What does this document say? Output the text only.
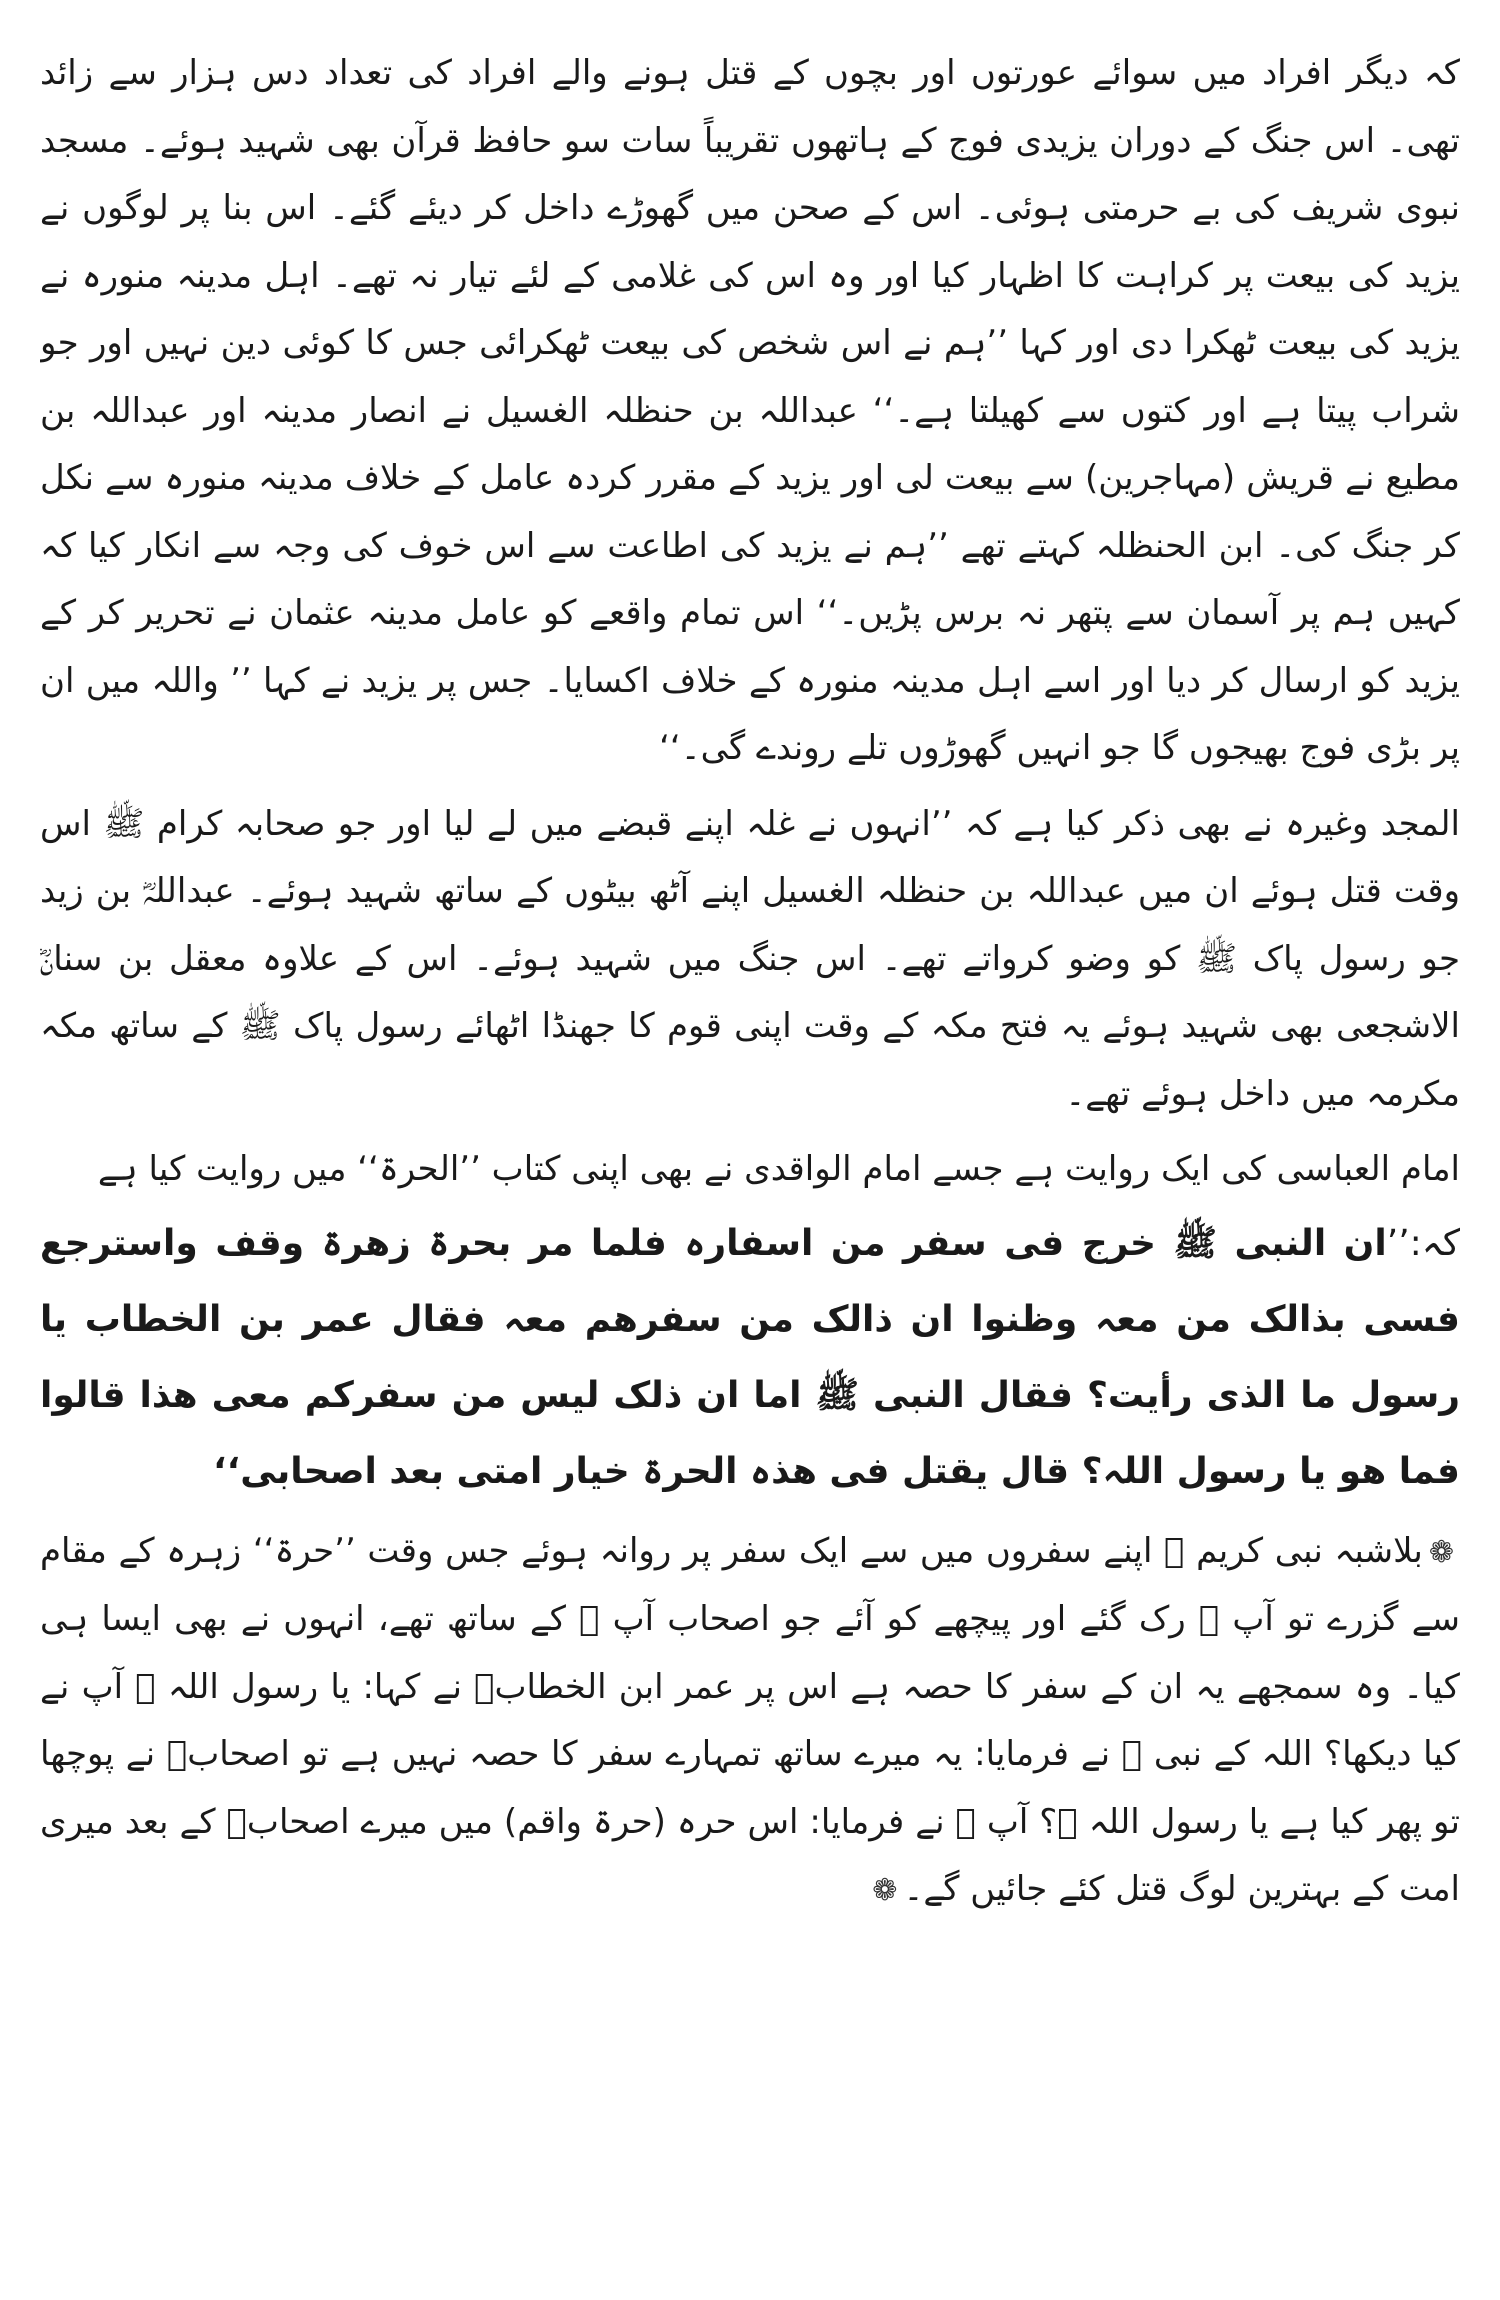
کہ دیگر افراد میں سوائے عورتوں اور بچوں کے قتل ہونے والے افراد کی تعداد دس ہزار سے زائد تھی۔ اس جنگ کے دوران یزیدی فوج کے ہاتھوں تقریباً سات سو حافظ قرآن بھی شہید ہوئے۔ مسجد نبوی شریف کی بے حرمتی ہوئی۔ اس کے صحن میں گھوڑے داخل کر دیئے گئے۔ اس بنا پر لوگوں نے یزید کی بیعت پر کراہت کا اظہار کیا اور وہ اس کی غلامی کے لئے تیار نہ تھے۔ اہل مدینہ منورہ نے یزید کی بیعت ٹھکرا دی اور کہا ’’ہم نے اس شخص کی بیعت ٹھکرائی جس کا کوئی دین نہیں اور جو شراب پیتا ہے اور کتوں سے کھیلتا ہے۔‘‘ عبداللہ بن حنظلہ الغسیل نے انصار مدینہ اور عبداللہ بن مطیع نے قریش (مہاجرین) سے بیعت لی اور یزید کے مقرر کردہ عامل کے خلاف مدینہ منورہ سے نکل کر جنگ کی۔ ابن الحنظلہ کہتے تھے ’’ہم نے یزید کی اطاعت سے اس خوف کی وجہ سے انکار کیا کہ کہیں ہم پر آسمان سے پتھر نہ برس پڑیں۔‘‘ اس تمام واقعے کو عامل مدینہ عثمان نے تحریر کر کے یزید کو ارسال کر دیا اور اسے اہل مدینہ منورہ کے خلاف اکسایا۔ جس پر یزید نے کہا ’’ واللہ میں ان پر بڑی فوج بھیجوں گا جو انہیں گھوڑوں تلے روندے گی۔‘‘

المجد وغیرہ نے بھی ذکر کیا ہے کہ ’’انہوں نے غلہ اپنے قبضے میں لے لیا اور جو صحابہ کرام ﷺ اس وقت قتل ہوئے ان میں عبداللہ بن حنظلہ الغسیل اپنے آٹھ بیٹوں کے ساتھ شہید ہوئے۔ عبداللہؓ بن زید جو رسول پاک ﷺ کو وضو کرواتے تھے۔ اس جنگ میں شہید ہوئے۔ اس کے علاوہ معقل بن سنانؓ الاشجعی بھی شہید ہوئے یہ فتح مکہ کے وقت اپنی قوم کا جھنڈا اٹھائے رسول پاک ﷺ کے ساتھ مکہ مکرمہ میں داخل ہوئے تھے۔

امام العباسی کی ایک روایت ہے جسے امام الواقدی نے بھی اپنی کتاب ’’الحرۃ‘‘ میں روایت کیا ہے

کہ:’’ان النبی ﷺ خرج فی سفر من اسفارہ فلما مر بحرۃ زھرۃ وقف واسترجع فسی بذالک من معہ وظنوا ان ذالک من سفرھم معہ فقال عمر بن الخطاب یا رسول ما الذی رأیت؟ فقال النبی ﷺ اما ان ذلک لیس من سفرکم معی ھذا قالوا فما ھو یا رسول اللہ؟ قال یقتل فی ھذہ الحرۃ خیار امتی بعد اصحابی‘‘

❁بلاشبہ نبی کریم ﷺ اپنے سفروں میں سے ایک سفر پر روانہ ہوئے جس وقت ’’حرۃ‘‘ زہرہ کے مقام سے گزرے تو آپ ﷺ رک گئے اور پیچھے کو آئے جو اصحاب آپ ﷺ کے ساتھ تھے، انہوں نے بھی ایسا ہی کیا۔ وہ سمجھے یہ ان کے سفر کا حصہ ہے اس پر عمر ابن الخطابؓ نے کہا: یا رسول اللہ ﷺ آپ نے کیا دیکھا؟ اللہ کے نبی ﷺ نے فرمایا: یہ میرے ساتھ تمہارے سفر کا حصہ نہیں ہے تو اصحابؓ نے پوچھا تو پھر کیا ہے یا رسول اللہ ﷺ؟ آپ ﷺ نے فرمایا: اس حرہ (حرۃ واقم) میں میرے اصحابؓ کے بعد میری امت کے بہترین لوگ قتل کئے جائیں گے۔❁
